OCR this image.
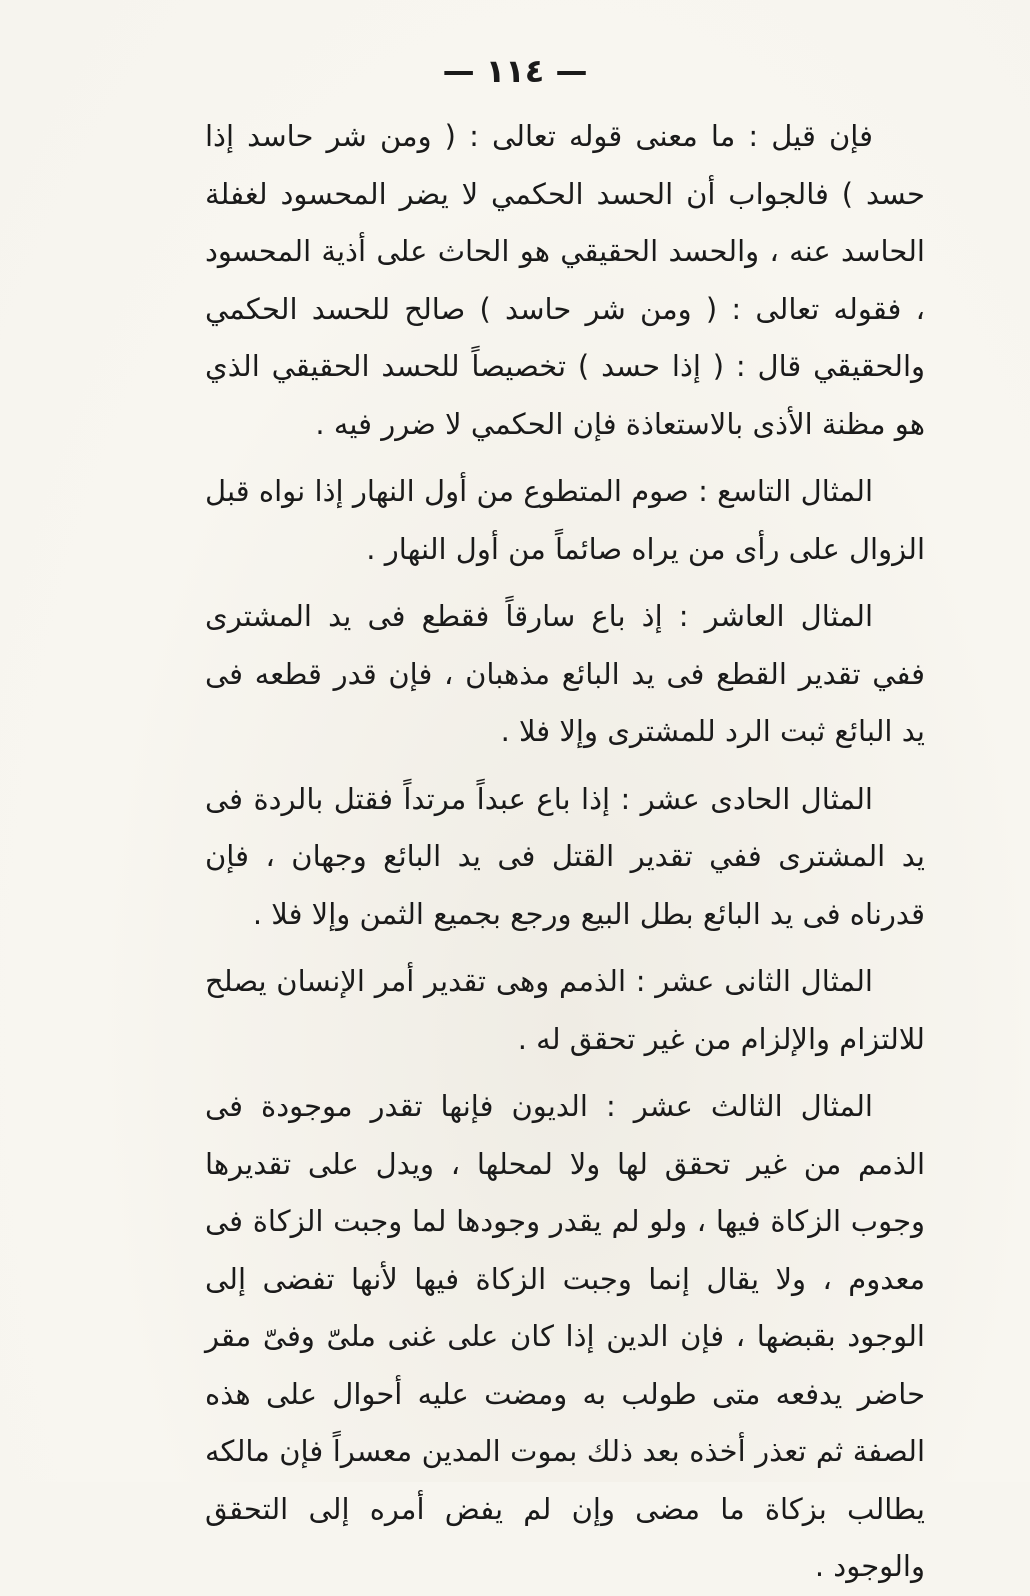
— ١١٤ —

فإن قيل : ما معنى قوله تعالى : ( ومن شر حاسد إذا حسد ) فالجواب أن الحسد الحكمي لا يضر المحسود لغفلة الحاسد عنه ، والحسد الحقيقي هو الحاث على أذية المحسود ، فقوله تعالى : ( ومن شر حاسد ) صالح للحسد الحكمي والحقيقي قال : ( إذا حسد ) تخصيصاً للحسد الحقيقي الذي هو مظنة الأذى بالاستعاذة فإن الحكمي لا ضرر فيه .

المثال التاسع : صوم المتطوع من أول النهار إذا نواه قبل الزوال على رأى من يراه صائماً من أول النهار .

المثال العاشر : إذ باع سارقاً فقطع فى يد المشترى ففي تقدير القطع فى يد البائع مذهبان ، فإن قدر قطعه فى يد البائع ثبت الرد للمشترى وإلا فلا .

المثال الحادى عشر : إذا باع عبداً مرتداً فقتل بالردة فى يد المشترى ففي تقدير القتل فى يد البائع وجهان ، فإن قدرناه فى يد البائع بطل البيع ورجع بجميع الثمن وإلا فلا .

المثال الثانى عشر : الذمم وهى تقدير أمر الإنسان يصلح للالتزام والإلزام من غير تحقق له .

المثال الثالث عشر : الديون فإنها تقدر موجودة فى الذمم من غير تحقق لها ولا لمحلها ، ويدل على تقديرها وجوب الزكاة فيها ، ولو لم يقدر وجودها لما وجبت الزكاة فى معدوم ، ولا يقال إنما وجبت الزكاة فيها لأنها تفضى إلى الوجود بقبضها ، فإن الدين إذا كان على غنى ملىّ وفىّ مقر حاضر يدفعه متى طولب به ومضت عليه أحوال على هذه الصفة ثم تعذر أخذه بعد ذلك بموت المدين معسراً فإن مالكه يطالب بزكاة ما مضى وإن لم يفض أمره إلى التحقق والوجود .
